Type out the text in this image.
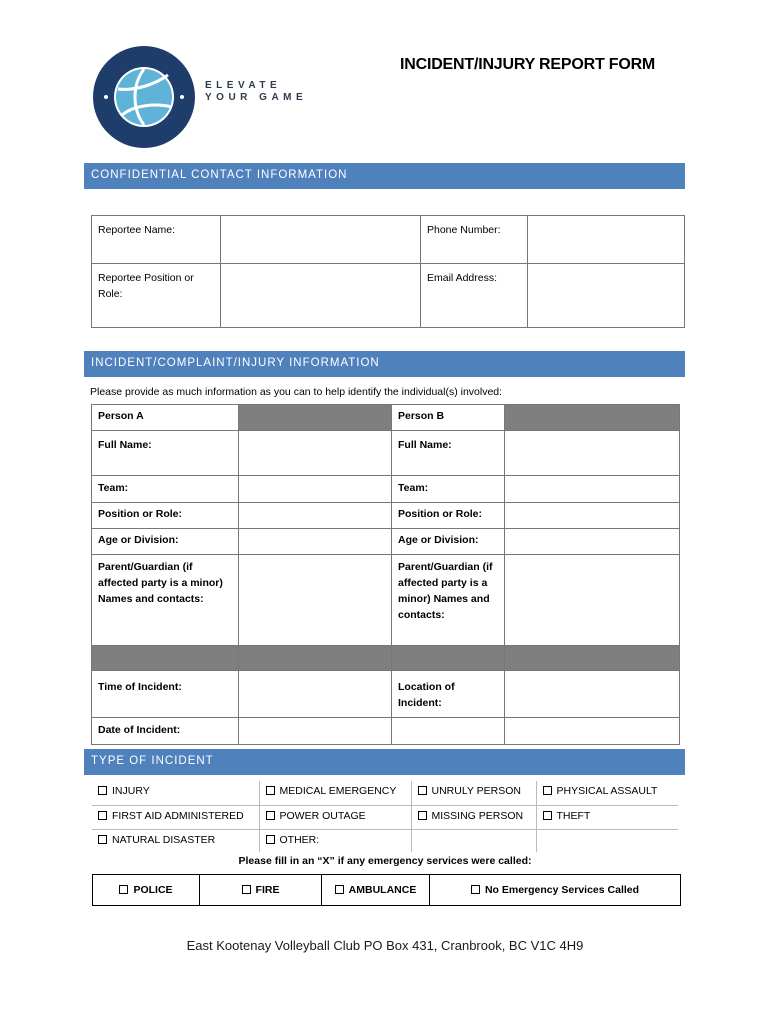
ELEVATE
YOUR GAME
INCIDENT/INJURY REPORT FORM
CONFIDENTIAL CONTACT INFORMATION
Reportee Name:		Phone Number:	
Reportee Position or Role:		Email Address:	
INCIDENT/COMPLAINT/INJURY INFORMATION
Please provide as much information as you can to help identify the individual(s) involved:
Person A		Person B	
Full Name:		Full Name:	
Team:		Team:	
Position or Role:		Position or Role:	
Age or Division:		Age or Division:	
Parent/Guardian (if affected party is a minor) Names and contacts:		Parent/Guardian (if affected party is a minor) Names and contacts:	

Time of Incident:		Location of Incident:	
Date of Incident:			
TYPE OF INCIDENT
INJURY	MEDICAL EMERGENCY	UNRULY PERSON	PHYSICAL ASSAULT
FIRST AID ADMINISTERED	POWER OUTAGE	MISSING PERSON	THEFT
NATURAL DISASTER	OTHER:		
Please fill in an “X” if any emergency services were called:
POLICE	FIRE	AMBULANCE	No Emergency Services Called
East Kootenay Volleyball Club PO Box 431, Cranbrook, BC V1C 4H9
